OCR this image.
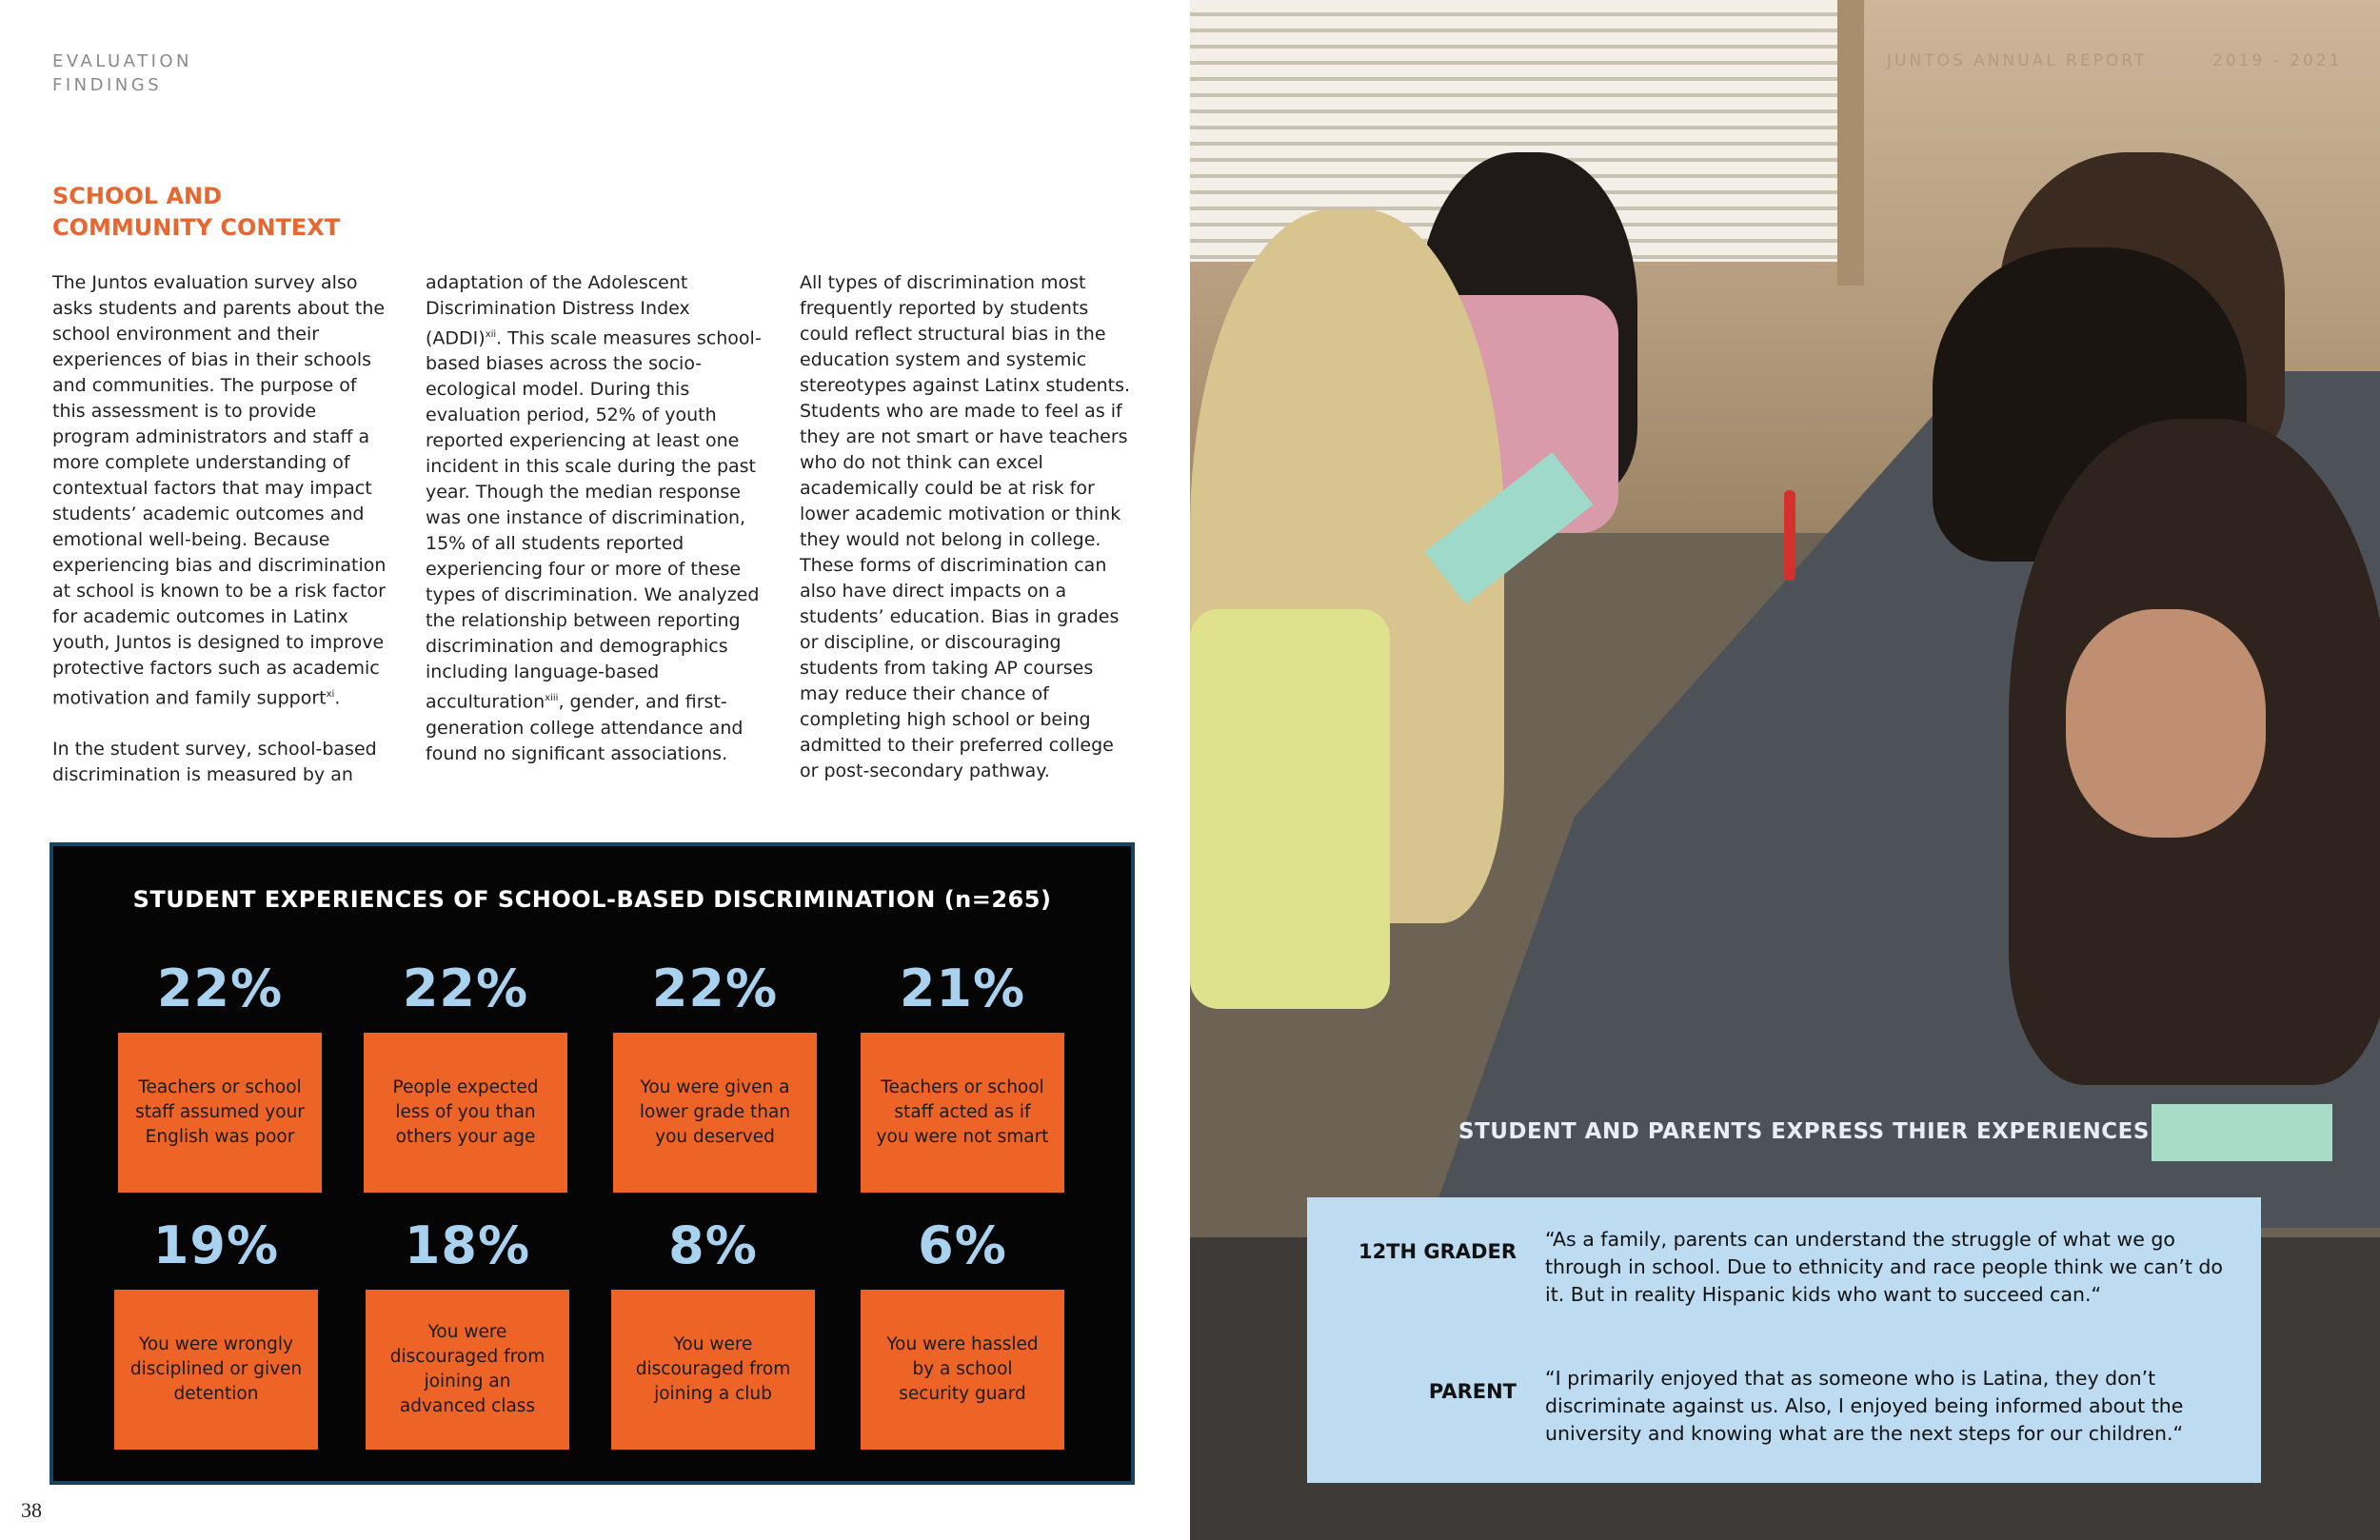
EVALUATION
FINDINGS
SCHOOL AND
COMMUNITY CONTEXT

The Juntos evaluation survey also asks students and parents about the school environment and their experiences of bias in their schools and communities. The purpose of this assessment is to provide program administrators and staff a more complete understanding of contextual factors that may impact students’ academic outcomes and emotional well-being. Because experiencing bias and discrimination at school is known to be a risk factor for academic outcomes in Latinx youth, Juntos is designed to improve protective factors such as academic motivation and family support$^{xi}$.

In the student survey, school-based discrimination is measured by an

adaptation of the Adolescent Discrimination Distress Index (ADDI)$^{xii}$. This scale measures school-based biases across the socio-ecological model. During this evaluation period, 52% of youth reported experiencing at least one incident in this scale during the past year. Though the median response was one instance of discrimination, 15% of all students reported experiencing four or more of these types of discrimination. We analyzed the relationship between reporting discrimination and demographics including language-based acculturation$^{xiii}$, gender, and first-generation college attendance and found no significant associations.

All types of discrimination most frequently reported by students could reflect structural bias in the education system and systemic stereotypes against Latinx students. Students who are made to feel as if they are not smart or have teachers who do not think can excel academically could be at risk for lower academic motivation or think they would not belong in college. These forms of discrimination can also have direct impacts on a students’ education. Bias in grades or discipline, or discouraging students from taking AP courses may reduce their chance of completing high school or being admitted to their preferred college or post-secondary pathway.

STUDENT EXPERIENCES OF SCHOOL-BASED DISCRIMINATION (n=265)
22%
Teachers or school staff assumed your English was poor
22%
People expected less of you than others your age
22%
You were given a lower grade than you deserved
21%
Teachers or school staff acted as if you were not smart
19%
You were wrongly disciplined or given detention
18%
You were discouraged from joining an advanced class
8%
You were discouraged from joining a club
6%
You were hassled by a school security guard
38
JUNTOS ANNUAL REPORT	2019 - 2021
STUDENT AND PARENTS EXPRESS THIER EXPERIENCES
12TH GRADER
“As a family, parents can understand the struggle of what we go through in school. Due to ethnicity and race people think we can’t do it. But in reality Hispanic kids who want to succeed can.“
PARENT
“I primarily enjoyed that as someone who is Latina, they don’t discriminate against us. Also, I enjoyed being informed about the university and knowing what are the next steps for our children.“
